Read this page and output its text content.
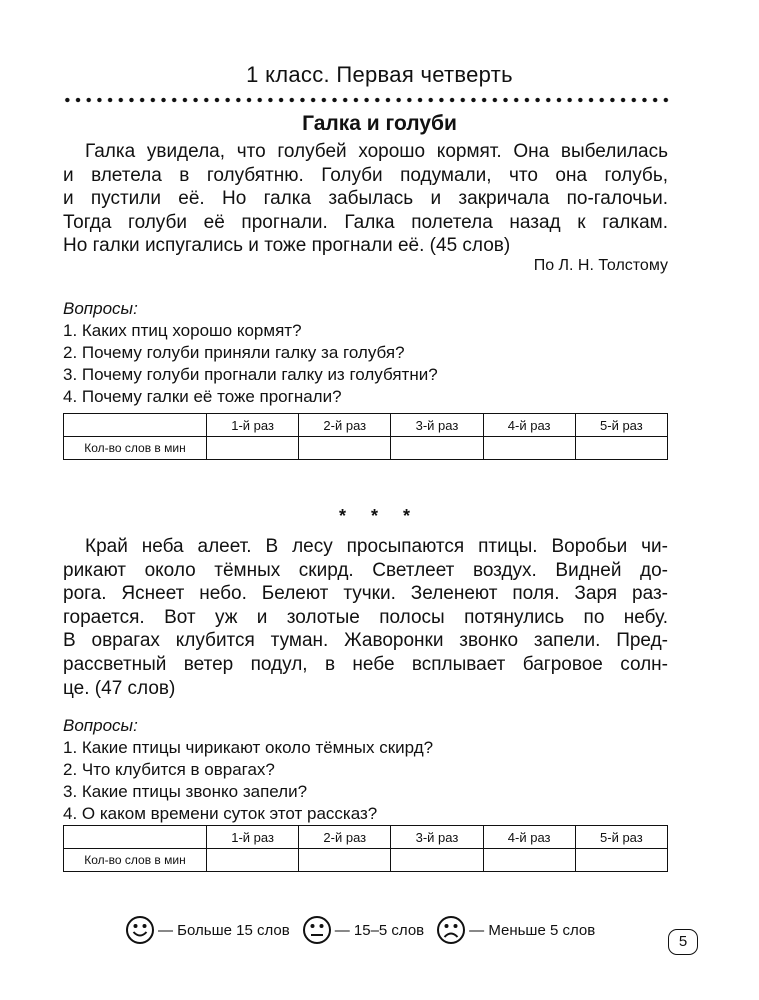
1 класс. Первая четверть
Галка и голуби
Галка увидела, что голубей хорошо кормят. Она выбелилась
и влетела в голубятню. Голуби подумали, что она голубь,
и пустили её. Но галка забылась и закричала по-галочьи.
Тогда голуби её прогнали. Галка полетела назад к галкам.
Но галки испугались и тоже прогнали её. (45 слов)
По Л. Н. Толстому
Вопросы:
1. Каких птиц хорошо кормят?
2. Почему голуби приняли галку за голубя?
3. Почему голуби прогнали галку из голубятни?
4. Почему галки её тоже прогнали?
	1-й раз	2-й раз	3-й раз	4-й раз	5-й раз
Кол-во слов в мин					
* * *
Край неба алеет. В лесу просыпаются птицы. Воробьи чи-
рикают около тёмных скирд. Светлеет воздух. Видней до-
рога. Яснеет небо. Белеют тучки. Зеленеют поля. Заря раз-
горается. Вот уж и золотые полосы потянулись по небу.
В оврагах клубится туман. Жаворонки звонко запели. Пред-
рассветный ветер подул, в небе всплывает багровое солн-
це. (47 слов)
Вопросы:
1. Какие птицы чирикают около тёмных скирд?
2. Что клубится в оврагах?
3. Какие птицы звонко запели?
4. О каком времени суток этот рассказ?
	1-й раз	2-й раз	3-й раз	4-й раз	5-й раз
Кол-во слов в мин					
— Больше 15 слов	— 15–5 слов	— Меньше 5 слов
5
